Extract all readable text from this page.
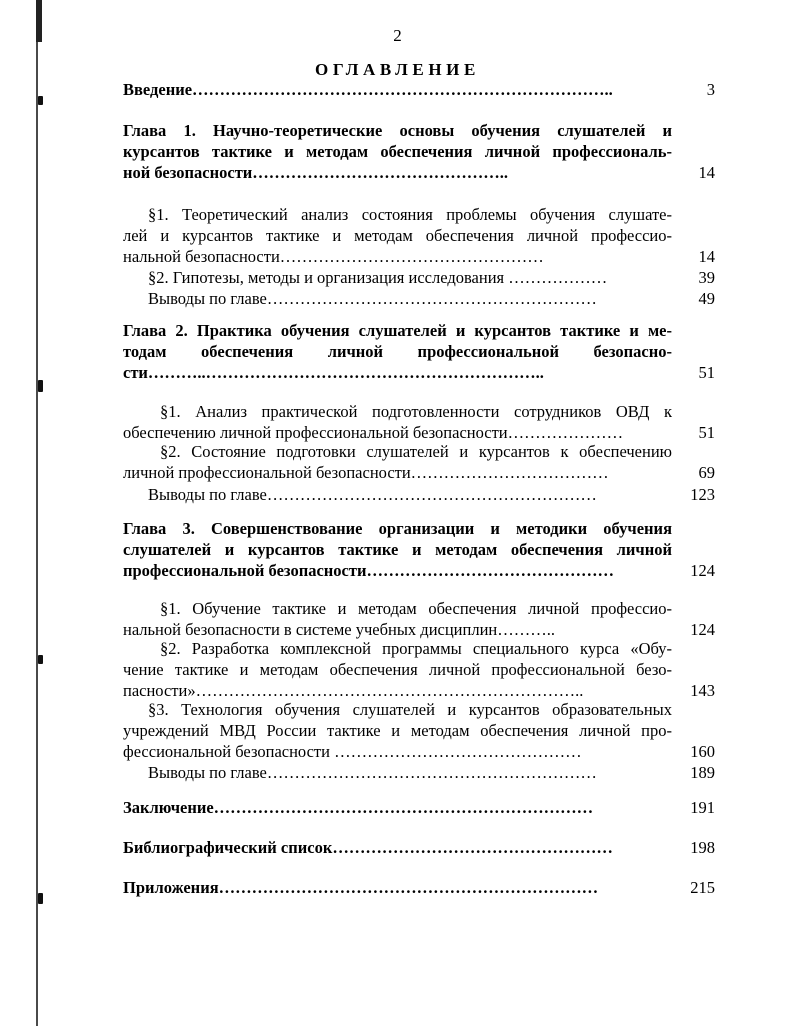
2
ОГЛАВЛЕНИЕ
Введение…………………………………………………………………..	3
Глава 1. Научно-теоретические основы обучения слушателей и
курсантов тактике и методам обеспечения личной профессиональ-
ной безопасности………………………………………..	14
§1. Теоретический анализ состояния проблемы обучения слушате-
лей и курсантов тактике и методам обеспечения личной профессио-
нальной безопасности…………………………………………	14
§2. Гипотезы, методы и организация исследования ………………	39
Выводы по главе……………………………………………………	49
Глава 2. Практика обучения слушателей и курсантов тактике и ме-
тодам обеспечения личной профессиональной безопасно-
сти………..……………………………………………………..	51
§1. Анализ практической подготовленности сотрудников ОВД к
обеспечению личной профессиональной безопасности…………………	51
§2. Состояние подготовки слушателей и курсантов к обеспечению
личной профессиональной безопасности………………………………	69
Выводы по главе……………………………………………………	123
Глава 3. Совершенствование организации и методики обучения
слушателей и курсантов тактике и методам обеспечения личной
профессиональной безопасности………………………………………	124
§1. Обучение тактике и методам обеспечения личной профессио-
нальной безопасности в системе учебных дисциплин………..	124
§2. Разработка комплексной программы специального курса «Обу-
чение тактике и методам обеспечения личной профессиональной безо-
пасности»……………………………………………………………..	143
§3. Технология обучения слушателей и курсантов образовательных
учреждений МВД России тактике и методам обеспечения личной про-
фессиональной безопасности ………………………………………	160
Выводы по главе……………………………………………………	189
Заключение……………………………………………………………	191
Библиографический список……………………………………………	198
Приложения……………………………………………………………	215
